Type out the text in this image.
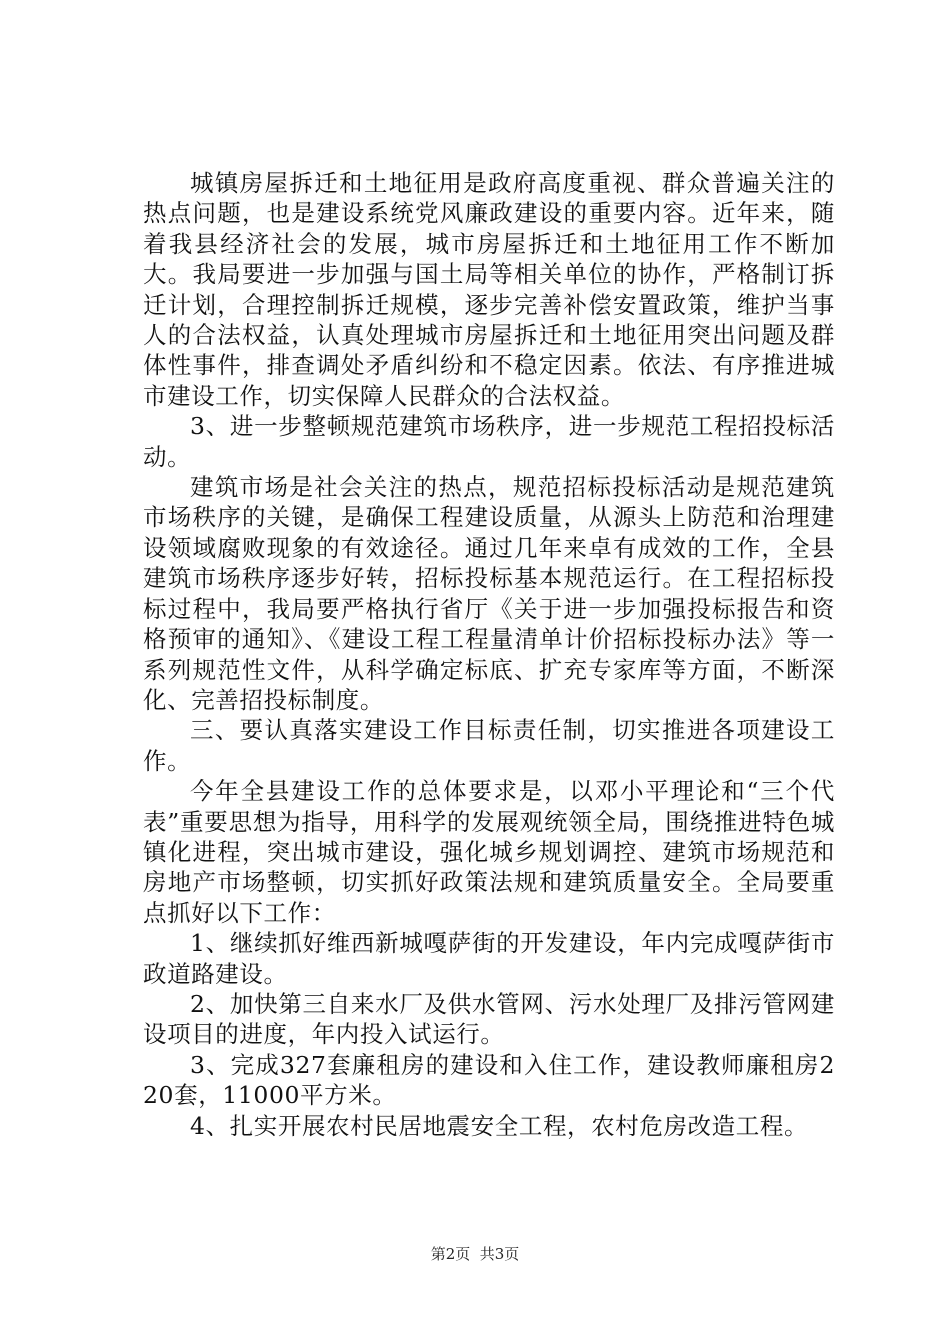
城镇房屋拆迁和土地征用是政府高度重视、群众普遍关注的热点问题，也是建设系统党风廉政建设的重要内容。近年来，随着我县经济社会的发展，城市房屋拆迁和土地征用工作不断加大。我局要进一步加强与国土局等相关单位的协作，严格制订拆迁计划，合理控制拆迁规模，逐步完善补偿安置政策，维护当事人的合法权益，认真处理城市房屋拆迁和土地征用突出问题及群体性事件，排查调处矛盾纠纷和不稳定因素。依法、有序推进城市建设工作，切实保障人民群众的合法权益。

3、进一步整顿规范建筑市场秩序，进一步规范工程招投标活动。

建筑市场是社会关注的热点，规范招标投标活动是规范建筑市场秩序的关键，是确保工程建设质量，从源头上防范和治理建设领域腐败现象的有效途径。通过几年来卓有成效的工作，全县建筑市场秩序逐步好转，招标投标基本规范运行。在工程招标投标过程中，我局要严格执行省厅《关于进一步加强投标报告和资格预审的通知》、《建设工程工程量清单计价招标投标办法》等一系列规范性文件，从科学确定标底、扩充专家库等方面，不断深化、完善招投标制度。

三、要认真落实建设工作目标责任制，切实推进各项建设工作。

今年全县建设工作的总体要求是，以邓小平理论和“三个代表”重要思想为指导，用科学的发展观统领全局，围绕推进特色城镇化进程，突出城市建设，强化城乡规划调控、建筑市场规范和房地产市场整顿，切实抓好政策法规和建筑质量安全。全局要重点抓好以下工作：

1、继续抓好维西新城嘎萨街的开发建设，年内完成嘎萨街市政道路建设。

2、加快第三自来水厂及供水管网、污水处理厂及排污管网建设项目的进度，年内投入试运行。

3、完成327套廉租房的建设和入住工作，建设教师廉租房220套，11000平方米。

4、扎实开展农村民居地震安全工程，农村危房改造工程。

第2页  共3页
